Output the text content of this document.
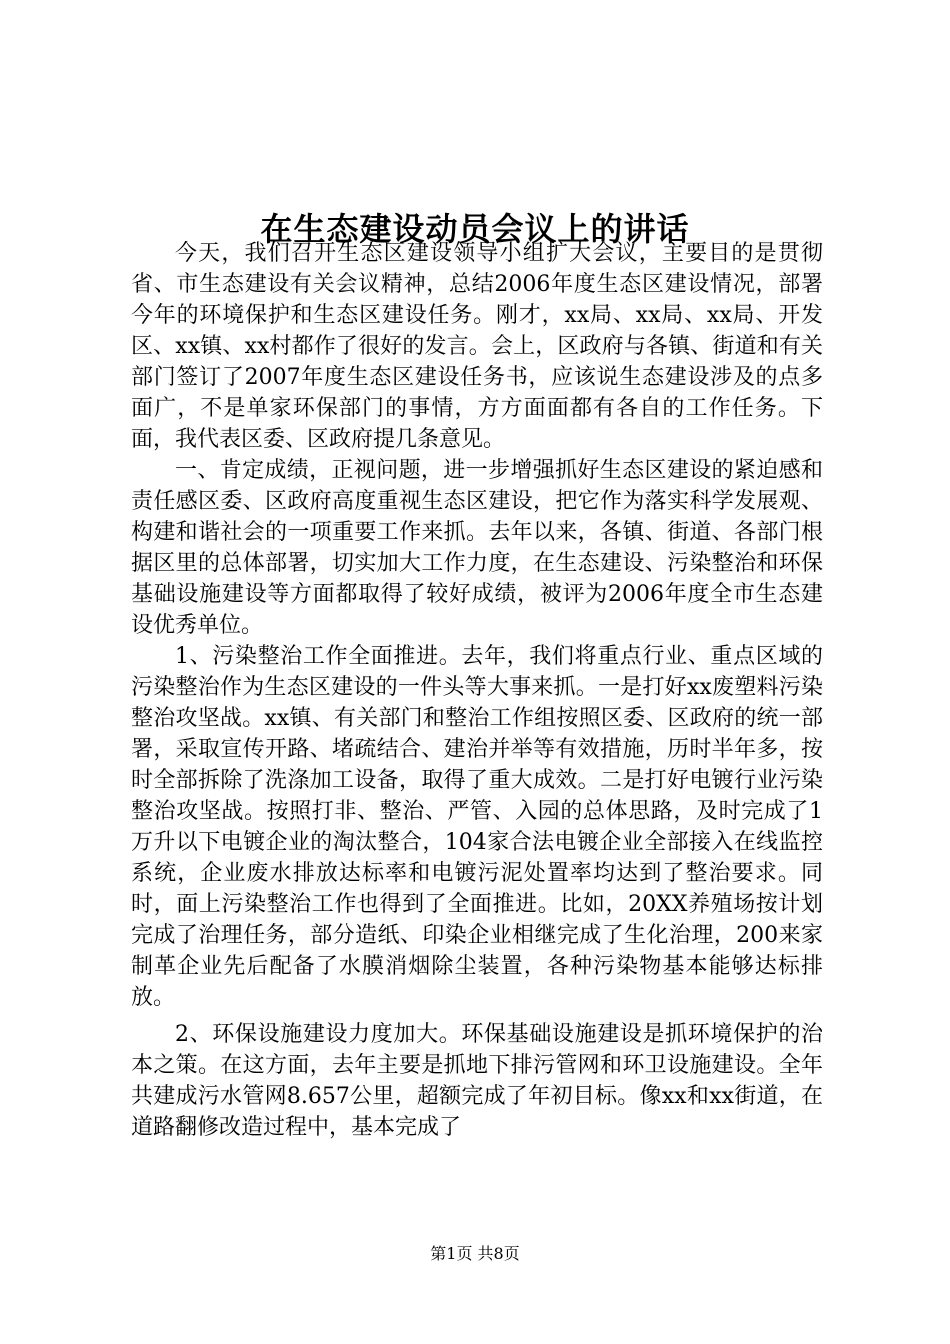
在生态建设动员会议上的讲话

今天，我们召开生态区建设领导小组扩大会议，主要目的是贯彻省、市生态建设有关会议精神，总结2006年度生态区建设情况，部署今年的环境保护和生态区建设任务。刚才，xx局、xx局、xx局、开发区、xx镇、xx村都作了很好的发言。会上，区政府与各镇、街道和有关部门签订了2007年度生态区建设任务书，应该说生态建设涉及的点多面广，不是单家环保部门的事情，方方面面都有各自的工作任务。下面，我代表区委、区政府提几条意见。

一、肯定成绩，正视问题，进一步增强抓好生态区建设的紧迫感和责任感区委、区政府高度重视生态区建设，把它作为落实科学发展观、构建和谐社会的一项重要工作来抓。去年以来，各镇、街道、各部门根据区里的总体部署，切实加大工作力度，在生态建设、污染整治和环保基础设施建设等方面都取得了较好成绩，被评为2006年度全市生态建设优秀单位。

1、污染整治工作全面推进。去年，我们将重点行业、重点区域的污染整治作为生态区建设的一件头等大事来抓。一是打好xx废塑料污染整治攻坚战。xx镇、有关部门和整治工作组按照区委、区政府的统一部署，采取宣传开路、堵疏结合、建治并举等有效措施，历时半年多，按时全部拆除了洗涤加工设备，取得了重大成效。二是打好电镀行业污染整治攻坚战。按照打非、整治、严管、入园的总体思路，及时完成了1万升以下电镀企业的淘汰整合，104家合法电镀企业全部接入在线监控系统，企业废水排放达标率和电镀污泥处置率均达到了整治要求。同时，面上污染整治工作也得到了全面推进。比如，20XX养殖场按计划完成了治理任务，部分造纸、印染企业相继完成了生化治理，200来家制革企业先后配备了水膜消烟除尘装置，各种污染物基本能够达标排放。

2、环保设施建设力度加大。环保基础设施建设是抓环境保护的治本之策。在这方面，去年主要是抓地下排污管网和环卫设施建设。全年共建成污水管网8.657公里，超额完成了年初目标。像xx和xx街道，在道路翻修改造过程中，基本完成了

第1页 共8页
